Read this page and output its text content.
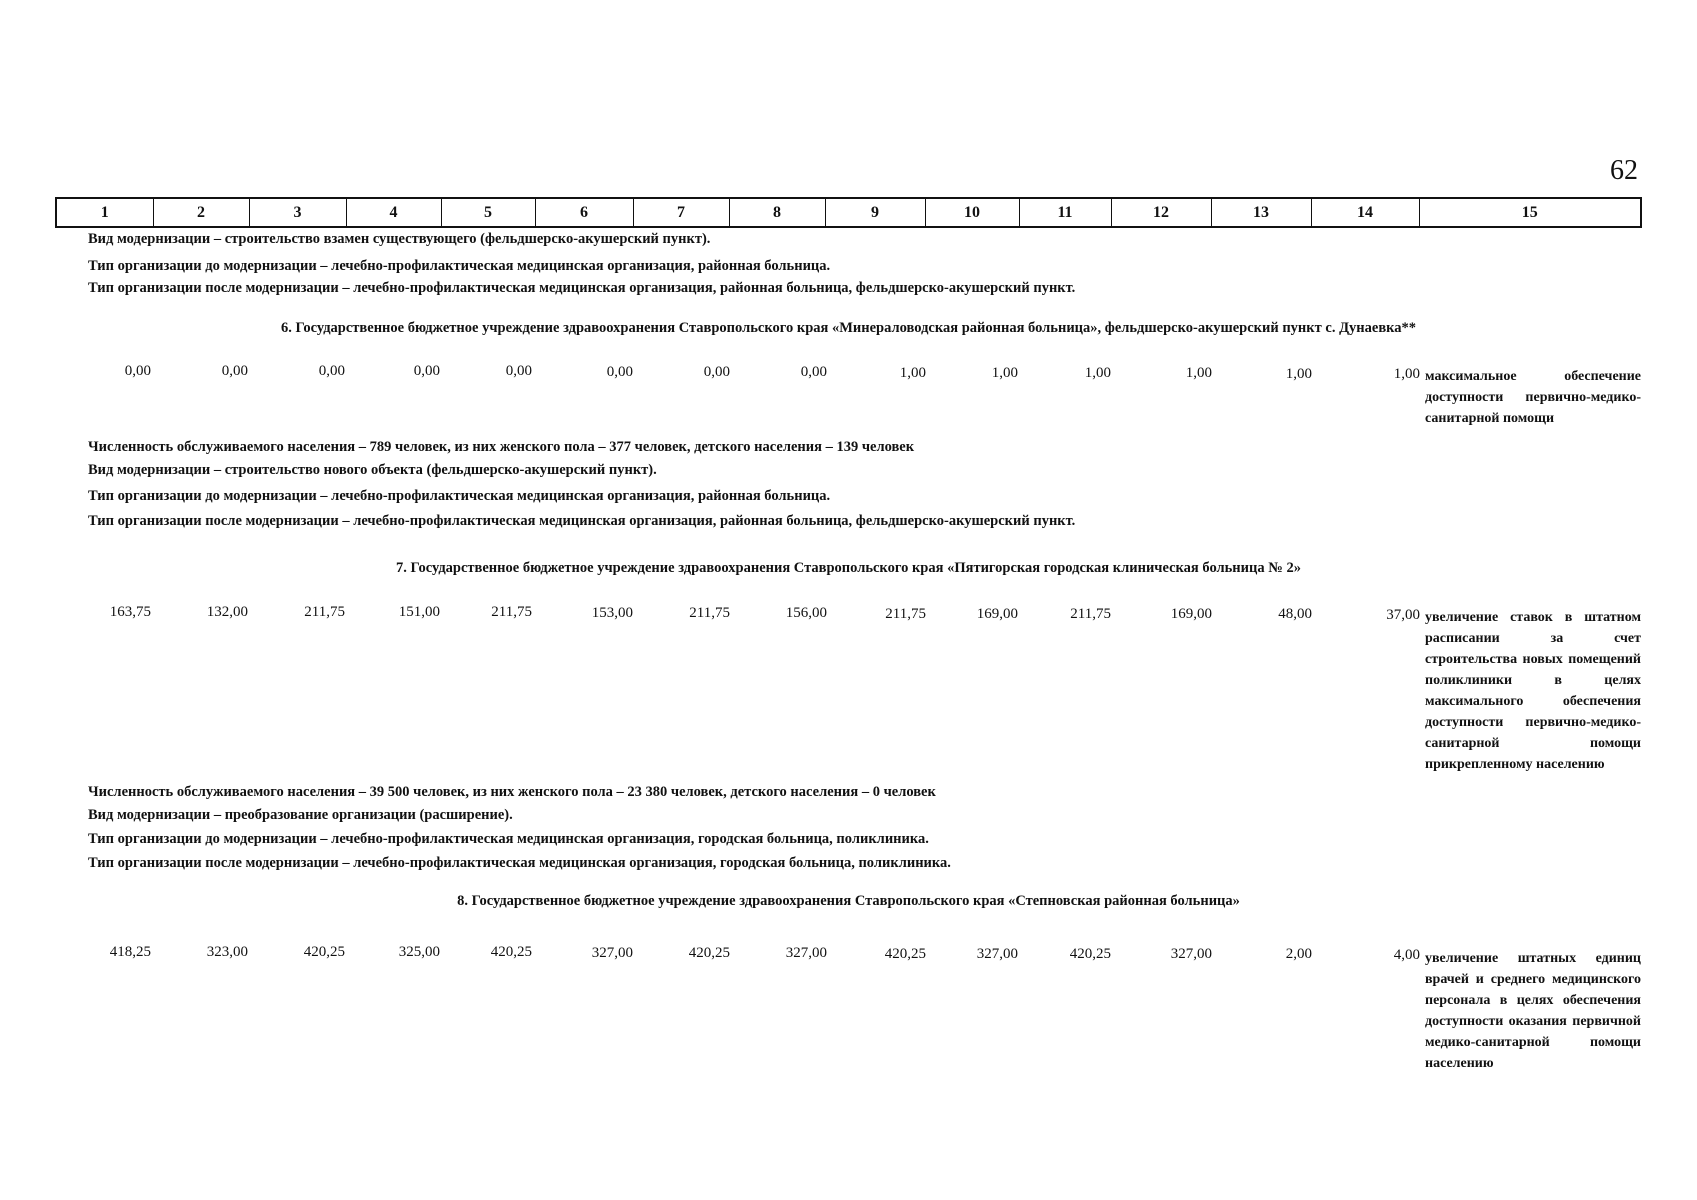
62
1	2	3	4	5	6	7	8	9	10	11	12	13	14	15
Вид модернизации – строительство взамен существующего (фельдшерско-акушерский пункт).
Тип организации до модернизации – лечебно-профилактическая медицинская организация, районная больница.
Тип организации после модернизации – лечебно-профилактическая медицинская организация, районная больница, фельдшерско-акушерский пункт.
6. Государственное бюджетное учреждение здравоохранения Ставропольского края «Минераловодская районная больница», фельдшерско-акушерский пункт с. Дунаевка**
0,00	0,00	0,00	0,00	0,00	0,00	0,00	0,00	1,00	1,00	1,00	1,00	1,00	1,00 максимальное обеспечение доступности первично-медико-санитарной помощи
Численность обслуживаемого населения – 789 человек, из них женского пола – 377 человек, детского населения – 139 человек
Вид модернизации – строительство нового объекта (фельдшерско-акушерский пункт).
Тип организации до модернизации – лечебно-профилактическая медицинская организация, районная больница.
Тип организации после модернизации – лечебно-профилактическая медицинская организация, районная больница, фельдшерско-акушерский пункт.
7. Государственное бюджетное учреждение здравоохранения Ставропольского края «Пятигорская городская клиническая больница № 2»
163,75	132,00	211,75	151,00	211,75	153,00	211,75	156,00	211,75	169,00	211,75	169,00	48,00	37,00 увеличение ставок в штатном расписании за счет строительства новых помещений поликлиники в целях максимального обеспечения доступности первично-медико-санитарной помощи прикрепленному населению
Численность обслуживаемого населения – 39 500 человек, из них женского пола – 23 380 человек, детского населения – 0 человек
Вид модернизации – преобразование организации (расширение).
Тип организации до модернизации – лечебно-профилактическая медицинская организация, городская больница, поликлиника.
Тип организации после модернизации – лечебно-профилактическая медицинская организация, городская больница, поликлиника.
8. Государственное бюджетное учреждение здравоохранения Ставропольского края «Степновская районная больница»
418,25	323,00	420,25	325,00	420,25	327,00	420,25	327,00	420,25	327,00	420,25	327,00	2,00	4,00 увеличение штатных единиц врачей и среднего медицинского персонала в целях обеспечения доступности оказания первичной медико-санитарной помощи населению
